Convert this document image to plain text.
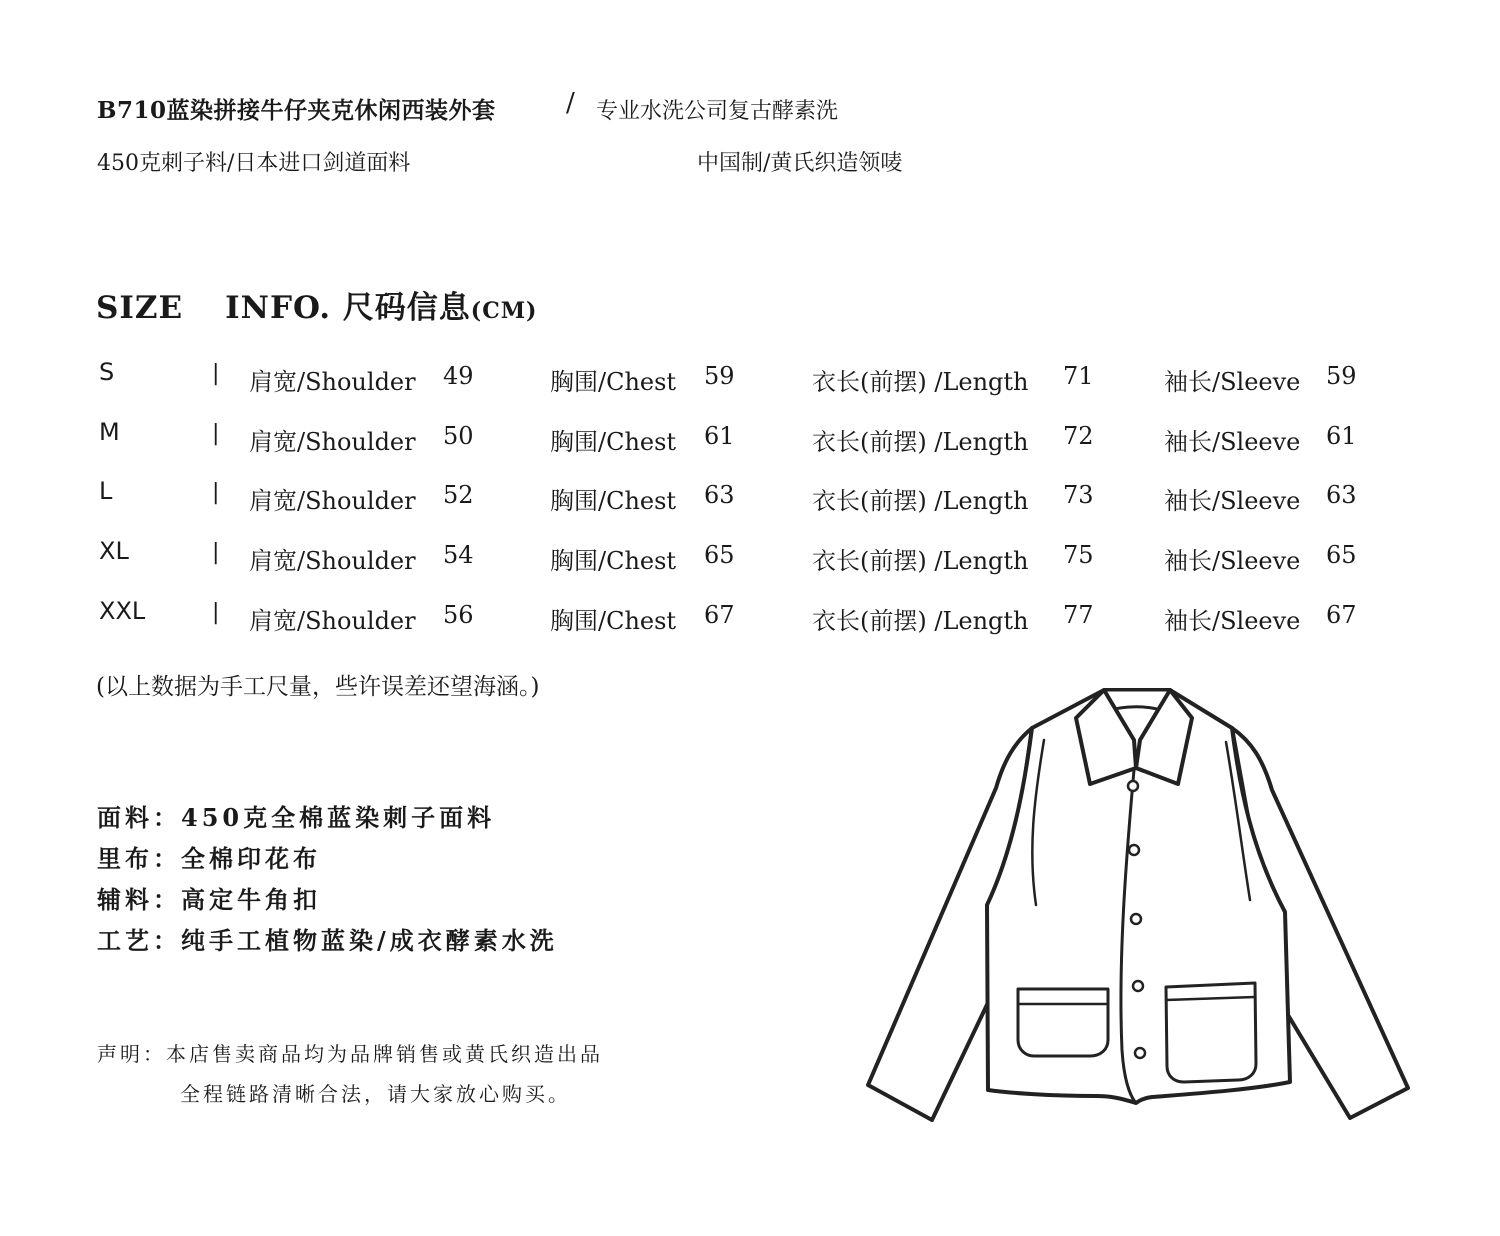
B710蓝染拼接牛仔夹克休闲西装外套	/ 专业水洗公司复古酵素洗
450克刺子料/日本进口剑道面料	中国制/黄氏织造领唛
SIZE INFO. 尺码信息(CM)
S	| 肩宽/Shoulder 49	胸围/Chest 59	衣长(前摆) /Length 71	袖长/Sleeve 59
M	| 肩宽/Shoulder 50	胸围/Chest 61	衣长(前摆) /Length 72	袖长/Sleeve 61
L	| 肩宽/Shoulder 52	胸围/Chest 63	衣长(前摆) /Length 73	袖长/Sleeve 63
XL	| 肩宽/Shoulder 54	胸围/Chest 65	衣长(前摆) /Length 75	袖长/Sleeve 65
XXL	| 肩宽/Shoulder 56	胸围/Chest 67	衣长(前摆) /Length 77	袖长/Sleeve 67
(以上数据为手工尺量，些许误差还望海涵。)
面料：450克全棉蓝染刺子面料
里布：全棉印花布
辅料：高定牛角扣
工艺：纯手工植物蓝染/成衣酵素水洗
声明：本店售卖商品均为品牌销售或黄氏织造出品
全程链路清晰合法，请大家放心购买。
